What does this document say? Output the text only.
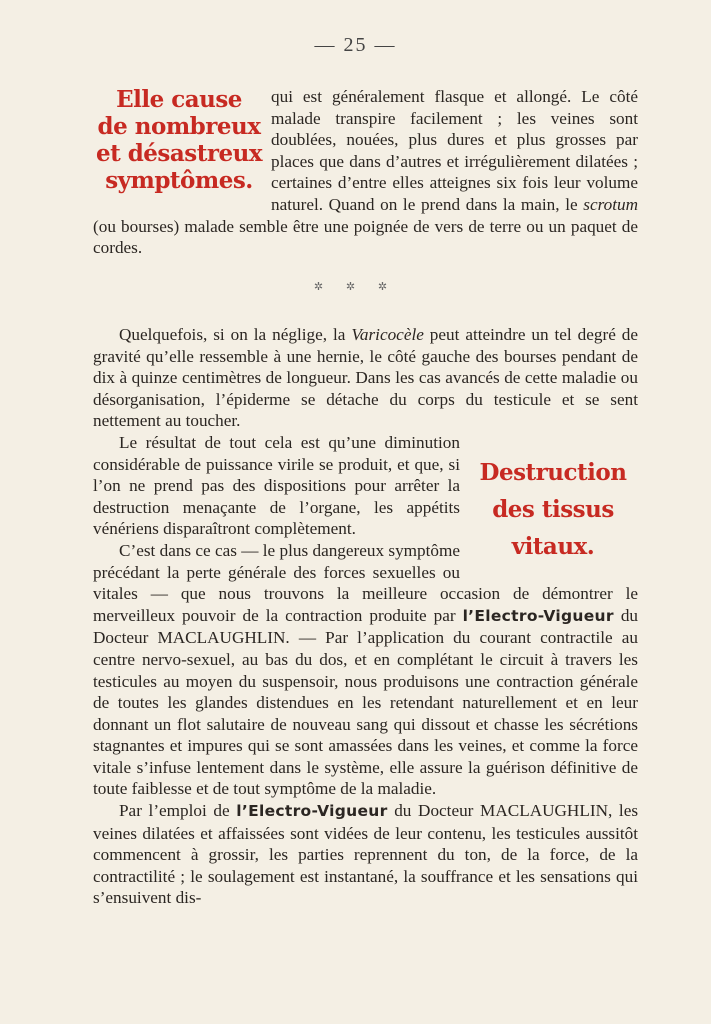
— 25 —
Elle cause
de nombreux
et désastreux
symptômes.
qui est généralement flasque et allongé. Le côté malade transpire facilement ; les veines sont doublées, nouées, plus dures et plus grosses par places que dans d’autres et irrégulièrement dilatées ; certaines d’entre elles atteignes six fois leur volume naturel. Quand on le prend dans la main, le scrotum (ou bourses) malade semble être une poignée de vers de terre ou un paquet de cordes.
✲ ✲ ✲

Quelquefois, si on la néglige, la Varicocèle peut atteindre un tel degré de gravité qu’elle ressemble à une hernie, le côté gauche des bourses pendant de dix à quinze centimètres de longueur. Dans les cas avancés de cette maladie ou désorganisation, l’épiderme se détache du corps du testicule et se sent nettement au toucher.

Destruction
des tissus
vitaux.

Le résultat de tout cela est qu’une diminution considérable de puissance virile se produit, et que, si l’on ne prend pas des dispositions pour arrêter la destruction menaçante de l’organe, les appétits vénériens disparaîtront complètement.

C’est dans ce cas — le plus dangereux symptôme précédant la perte générale des forces sexuelles ou vitales — que nous trouvons la meilleure occasion de démontrer le merveilleux pouvoir de la contraction produite par l’Electro-Vigueur du Docteur MACLAUGHLIN. — Par l’application du courant contractile au centre nervo-sexuel, au bas du dos, et en complétant le circuit à travers les testicules au moyen du suspensoir, nous produisons une contraction générale de toutes les glandes distendues en les retendant naturellement et en leur donnant un flot salutaire de nouveau sang qui dissout et chasse les sécrétions stagnantes et impures qui se sont amassées dans les veines, et comme la force vitale s’infuse lentement dans le système, elle assure la guérison définitive de toute faiblesse et de tout symptôme de la maladie.

Par l’emploi de l’Electro-Vigueur du Docteur MACLAUGHLIN, les veines dilatées et affaissées sont vidées de leur contenu, les testicules aussitôt commencent à grossir, les parties reprennent du ton, de la force, de la contractilité ; le soulagement est instantané, la souffrance et les sensations qui s’ensuivent dis-
